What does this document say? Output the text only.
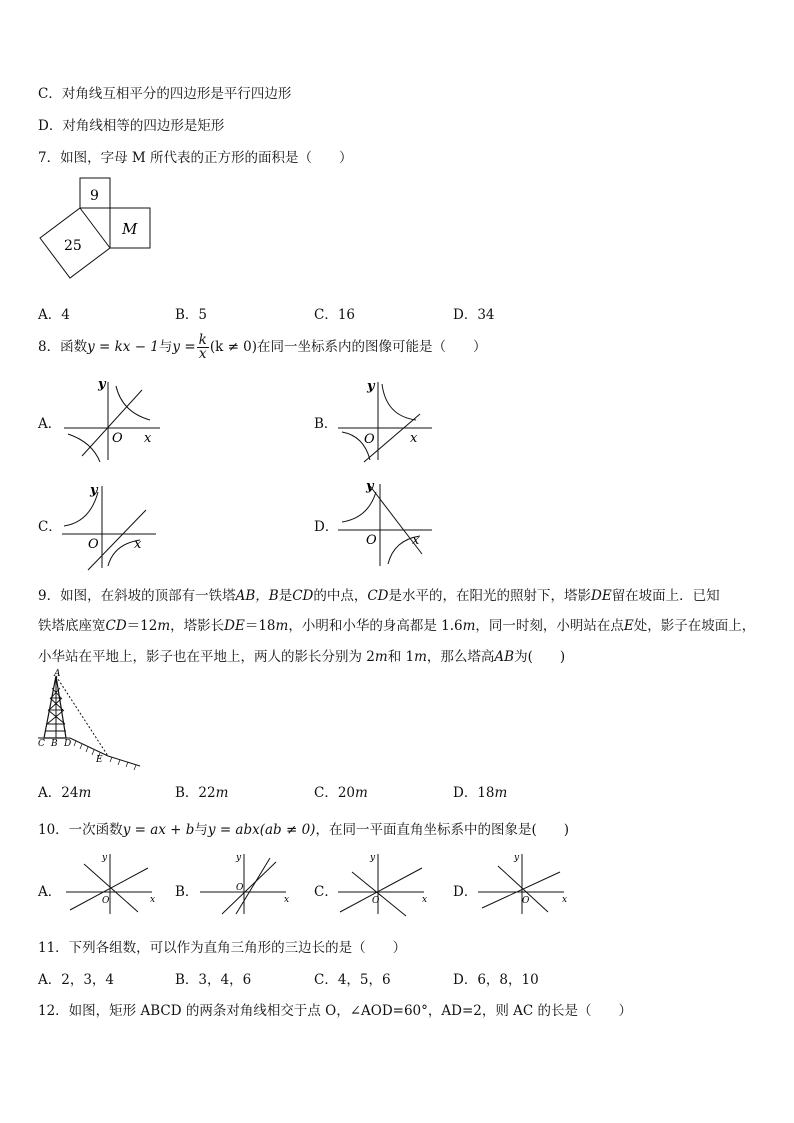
C．对角线互相平分的四边形是平行四边形
D．对角线相等的四边形是矩形
7．如图，字母 M 所代表的正方形的面积是（　　）
9
25
M
A．4	B．5	C．16	D．34
8．函数y = kx − 1与$y = \frac{k}{x} (k \ne 0)$在同一坐标系内的图像可能是（　　）
A．
y
O x
B．
y
O	x
C．
y
O	x
D．
y
O	x
9．如图，在斜坡的顶部有一铁塔AB，B是CD的中点，CD是水平的，在阳光的照射下，塔影DE留在坡面上．已知
铁塔底座宽CD＝12m，塔影长DE＝18m，小明和小华的身高都是 1.6m，同一时刻，小明站在点E处，影子在坡面上，
小华站在平地上，影子也在平地上，两人的影长分别为 2m和 1m，那么塔高AB为(　　)
A
C B D
E
A．24m	B．22m	C．20m	D．18m
10．一次函数y = ax + b与y = abx(ab ≠ 0)，在同一平面直角坐标系中的图象是(　　)
A．
y
O	x B．
y
O
x C．
y
O	x D．
y
O	x
11．下列各组数，可以作为直角三角形的三边长的是（　　）
A．2，3，4	B．3，4，6	C．4，5，6	D．6，8，10
12．如图，矩形 ABCD 的两条对角线相交于点 O，∠AOD=60°，AD=2，则 AC 的长是（　　）
